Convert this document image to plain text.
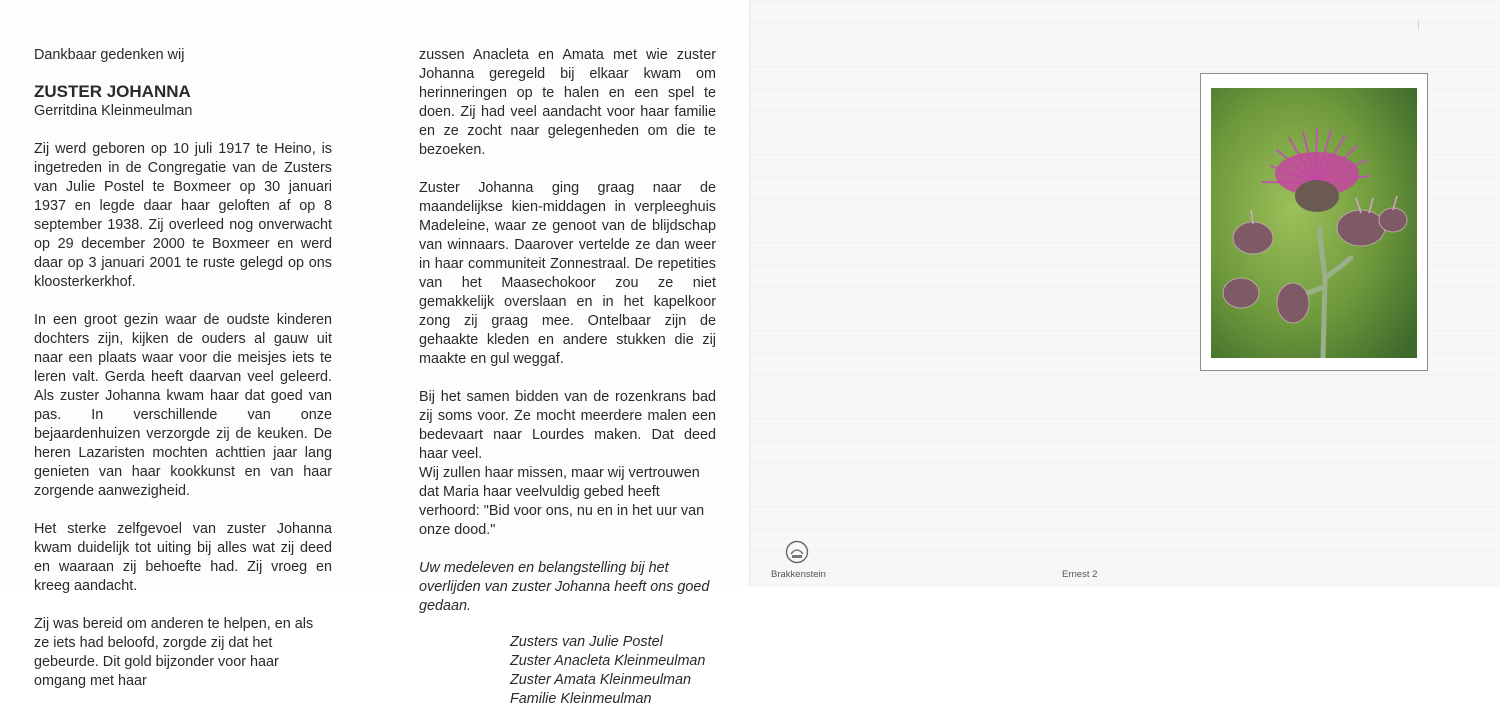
Dankbaar gedenken wij
ZUSTER JOHANNA
Gerritdina Kleinmeulman

Zij werd geboren op 10 juli 1917 te Heino, is ingetreden in de Congregatie van de Zusters van Julie Postel te Boxmeer op 30 januari 1937 en legde daar haar geloften af op 8 september 1938. Zij overleed nog onverwacht op 29 december 2000 te Boxmeer en werd daar op 3 januari 2001 te ruste gelegd op ons kloosterkerkhof.

In een groot gezin waar de oudste kinderen dochters zijn, kijken de ouders al gauw uit naar een plaats waar voor die meisjes iets te leren valt. Gerda heeft daarvan veel geleerd. Als zuster Johanna kwam haar dat goed van pas. In verschillende van onze bejaardenhuizen verzorgde zij de keuken. De heren Lazaristen mochten achttien jaar lang genieten van haar kookkunst en van haar zorgende aanwezigheid.

Het sterke zelfgevoel van zuster Johanna kwam duidelijk tot uiting bij alles wat zij deed en waaraan zij behoefte had. Zij vroeg en kreeg aandacht.

Zij was bereid om anderen te helpen, en als ze iets had beloofd, zorgde zij dat het gebeurde. Dit gold bijzonder voor haar omgang met haar

zussen Anacleta en Amata met wie zuster Johanna geregeld bij elkaar kwam om herinneringen op te halen en een spel te doen. Zij had veel aandacht voor haar familie en ze zocht naar gelegenheden om die te bezoeken.

Zuster Johanna ging graag naar de maandelijkse kien-middagen in verpleeghuis Madeleine, waar ze genoot van de blijdschap van winnaars. Daarover vertelde ze dan weer in haar communiteit Zonnestraal. De repetities van het Maasechokoor zou ze niet gemakkelijk overslaan en in het kapelkoor zong zij graag mee. Ontelbaar zijn de gehaakte kleden en andere stukken die zij maakte en gul weggaf.

Bij het samen bidden van de rozenkrans bad zij soms voor. Ze mocht meerdere malen een bedevaart naar Lourdes maken. Dat deed haar veel.

Wij zullen haar missen, maar wij vertrouwen dat Maria haar veelvuldig gebed heeft verhoord: "Bid voor ons, nu en in het uur van onze dood."

Uw medeleven en belangstelling bij het overlijden van zuster Johanna heeft ons goed gedaan.

Zusters van Julie Postel
Zuster Anacleta Kleinmeulman
Zuster Amata Kleinmeulman
Familie Kleinmeulman
Brakkenstein	Ernest 2
